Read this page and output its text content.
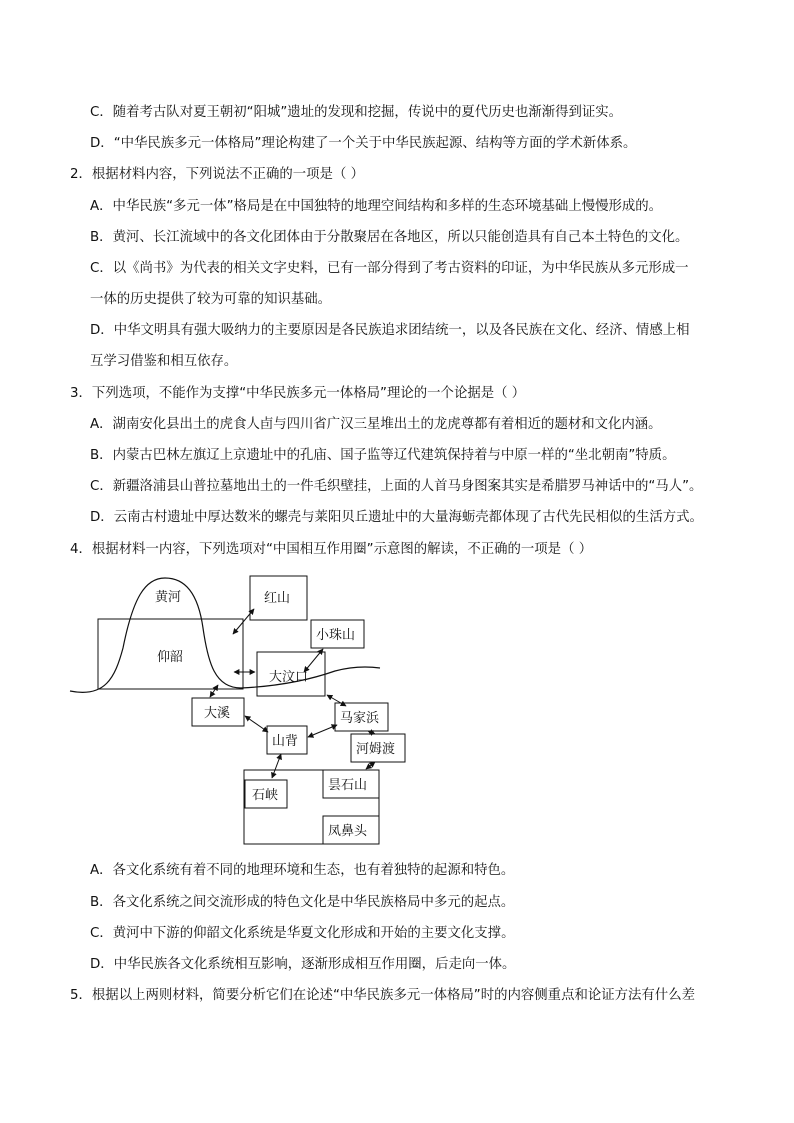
C．随着考古队对夏王朝初“阳城”遗址的发现和挖掘，传说中的夏代历史也渐渐得到证实。
D．“中华民族多元一体格局”理论构建了一个关于中华民族起源、结构等方面的学术新体系。
2．根据材料内容，下列说法不正确的一项是（ ）
A．中华民族“多元一体”格局是在中国独特的地理空间结构和多样的生态环境基础上慢慢形成的。
B．黄河、长江流域中的各文化团体由于分散聚居在各地区，所以只能创造具有自己本土特色的文化。
C．以《尚书》为代表的相关文字史料，已有一部分得到了考古资料的印证，为中华民族从多元形成一
一体的历史提供了较为可靠的知识基础。
D．中华文明具有强大吸纳力的主要原因是各民族追求团结统一，以及各民族在文化、经济、情感上相
互学习借鉴和相互依存。
3．下列选项，不能作为支撑“中华民族多元一体格局”理论的一个论据是（ ）
A．湖南安化县出土的虎食人卣与四川省广汉三星堆出土的龙虎尊都有着相近的题材和文化内涵。
B．内蒙古巴林左旗辽上京遗址中的孔庙、国子监等辽代建筑保持着与中原一样的“坐北朝南”特质。
C．新疆洛浦县山普拉墓地出土的一件毛织壁挂，上面的人首马身图案其实是希腊罗马神话中的“马人”。
D．云南古村遗址中厚达数米的螺壳与莱阳贝丘遗址中的大量海蛎壳都体现了古代先民相似的生活方式。
4．根据材料一内容，下列选项对“中国相互作用圈”示意图的解读，不正确的一项是（ ）
黄河
仰韶
红山
小珠山
大汶口
大溪	马家浜
山背
河姆渡
石峡
昙石山
凤鼻头
A．各文化系统有着不同的地理环境和生态，也有着独特的起源和特色。
B．各文化系统之间交流形成的特色文化是中华民族格局中多元的起点。
C．黄河中下游的仰韶文化系统是华夏文化形成和开始的主要文化支撑。
D．中华民族各文化系统相互影响，逐渐形成相互作用圈，后走向一体。
5．根据以上两则材料，简要分析它们在论述“中华民族多元一体格局”时的内容侧重点和论证方法有什么差
